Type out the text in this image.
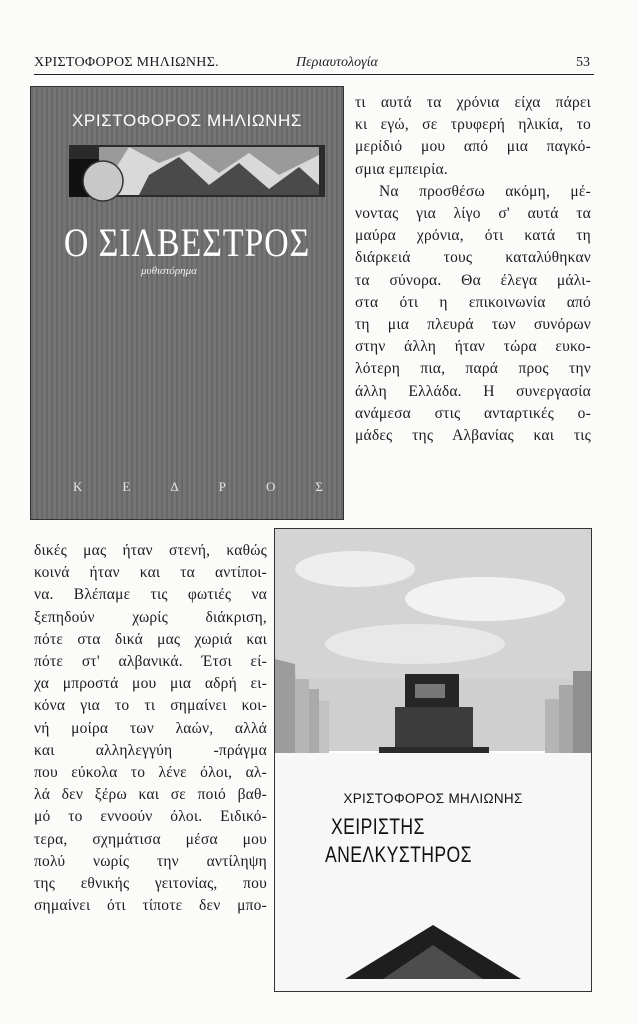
ΧΡΙΣΤΟΦΟΡΟΣ ΜΗΛΙΩΝΗΣ.	Περιαυτολογία	53
ΧΡΙΣΤΟΦΟΡΟΣ ΜΗΛΙΩΝΗΣ
Ο ΣΙΛΒΕΣΤΡΟΣ
μυθιστόρημα
Κ	Ε	Δ	Ρ	Ο	Σ
τι αυτά τα χρόνια είχα πάρει
κι εγώ, σε τρυφερή ηλικία, το
μερίδιό μου από μια παγκό-
σμια εμπειρία.
Να προσθέσω ακόμη, μέ-
νοντας για λίγο σ' αυτά τα
μαύρα χρόνια, ότι κατά τη
διάρκειά τους καταλύθηκαν
τα σύνορα. Θα έλεγα μάλι-
στα ότι η επικοινωνία από
τη μια πλευρά των συνόρων
στην άλλη ήταν τώρα ευκο-
λότερη πια, παρά προς την
άλλη Ελλάδα. Η συνεργασία
ανάμεσα στις ανταρτικές ο-
μάδες της Αλβανίας και τις
δικές μας ήταν στενή, καθώς
κοινά ήταν και τα αντίποι-
να. Βλέπαμε τις φωτιές να
ξεπηδούν χωρίς διάκριση,
πότε στα δικά μας χωριά και
πότε στ' αλβανικά. Έτσι εί-
χα μπροστά μου μια αδρή ει-
κόνα για το τι σημαίνει κοι-
νή μοίρα των λαών, αλλά
και αλληλεγγύη -πράγμα
που εύκολα το λένε όλοι, αλ-
λά δεν ξέρω και σε ποιό βαθ-
μό το εννοούν όλοι. Ειδικό-
τερα, σχημάτισα μέσα μου
πολύ νωρίς την αντίληψη
της εθνικής γειτονίας, που
σημαίνει ότι τίποτε δεν μπο-
ΧΡΙΣΤΟΦΟΡΟΣ ΜΗΛΙΩΝΗΣ
ΧΕΙΡΙΣΤΗΣ
ΑΝΕΛΚΥΣΤΗΡΟΣ
